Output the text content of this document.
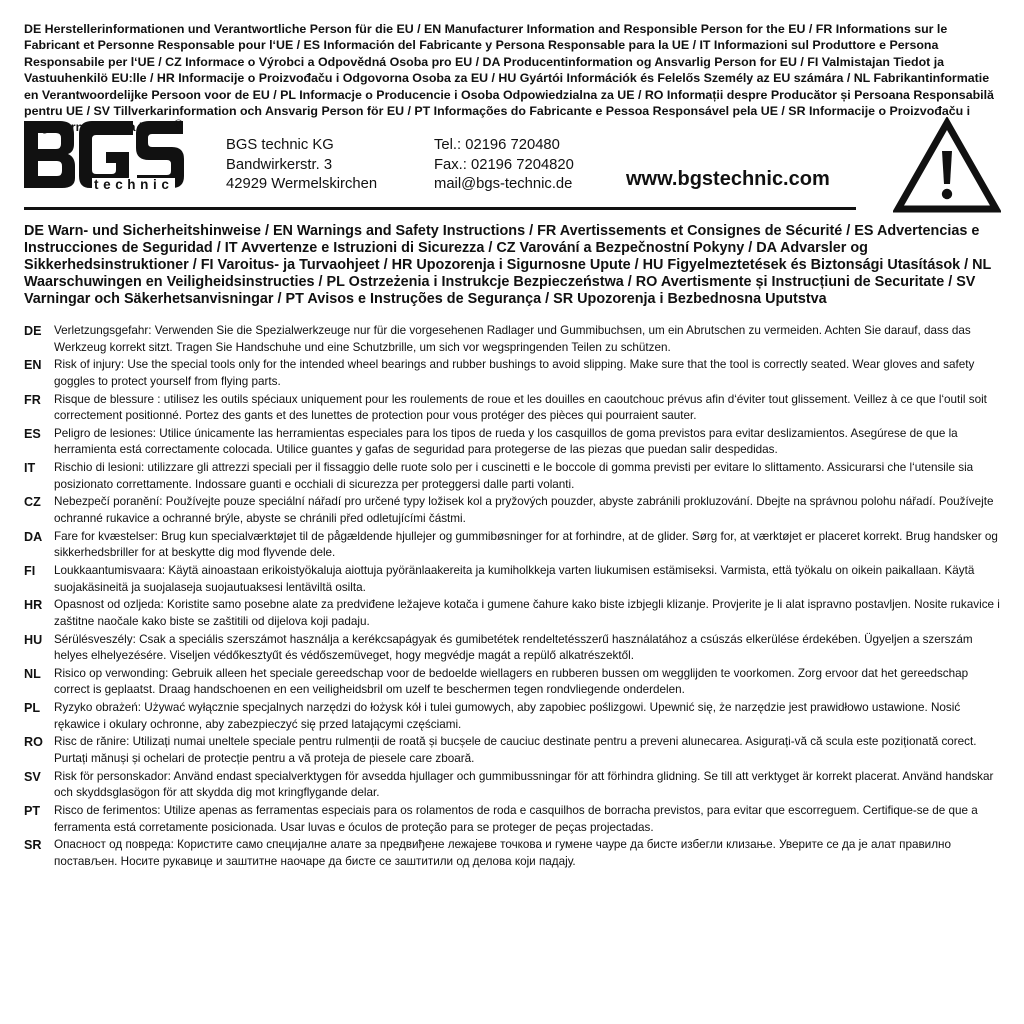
DE Herstellerinformationen und Verantwortliche Person für die EU / EN Manufacturer Information and Responsible Person for the EU / FR Informations sur le Fabricant et Personne Responsable pour l‘UE / ES Información del Fabricante y Persona Responsable para la UE / IT Informazioni sul Produttore e Persona Responsabile per l‘UE / CZ Informace o Výrobci a Odpovědná Osoba pro EU / DA Producentinformation og Ansvarlig Person for EU / FI Valmistajan Tiedot ja Vastuuhenkilö EU:lle / HR Informacije o Proizvođaču i Odgovorna Osoba za EU / HU Gyártói Információk és Felelős Személy az EU számára / NL Fabrikantinformatie en Verantwoordelijke Persoon voor de EU / PL Informacje o Producencie i Osoba Odpowiedzialna za UE / RO Informații despre Producător și Persoana Responsabilă pentru UE / SV Tillverkarinformation och Ansvarig Person för EU / PT Informações do Fabricante e Pessoa Responsável pela UE / SR Informacije o Proizvođaču i
®
technic
BGS technic KG
Bandwirkerstr. 3
42929 Wermelskirchen
Tel.: 02196 720480
Fax.: 02196 7204820
mail@bgs-technic.de	www.bgstechnic.com
DE Warn- und Sicherheitshinweise / EN Warnings and Safety Instructions / FR Avertissements et Consignes de Sécurité / ES Advertencias e Instrucciones de Seguridad / IT Avvertenze e Istruzioni di Sicurezza / CZ Varování a Bezpečnostní Pokyny / DA Advarsler og Sikkerhedsinstruktioner / FI Varoitus- ja Turvaohjeet / HR Upozorenja i Sigurnosne Upute / HU Figyelmeztetések és Biztonsági Utasítások / NL Waarschuwingen en Veiligheidsinstructies / PL Ostrzeżenia i Instrukcje Bezpieczeństwa / RO Avertismente și Instrucțiuni de Securitate / SV Varningar och Säkerhetsanvisningar / PT Avisos e Instruções de Segurança / SR Upozorenja i Bezbednosna Uputstva
DE	Verletzungsgefahr: Verwenden Sie die Spezialwerkzeuge nur für die vorgesehenen Radlager und Gummibuchsen, um ein Abrutschen zu vermeiden. Achten Sie darauf, dass das Werkzeug korrekt sitzt. Tragen Sie Handschuhe und eine Schutzbrille, um sich vor wegspringenden Teilen zu schützen.
EN	Risk of injury: Use the special tools only for the intended wheel bearings and rubber bushings to avoid slipping. Make sure that the tool is correctly seated. Wear gloves and safety goggles to protect yourself from flying parts.
FR	Risque de blessure : utilisez les outils spéciaux uniquement pour les roulements de roue et les douilles en caoutchouc prévus afin d‘éviter tout glissement. Veillez à ce que l‘outil soit correctement positionné. Portez des gants et des lunettes de protection pour vous protéger des pièces qui pourraient sauter.
ES	Peligro de lesiones: Utilice únicamente las herramientas especiales para los tipos de rueda y los casquillos de goma previstos para evitar deslizamientos. Asegúrese de que la herramienta está correctamente colocada. Utilice guantes y gafas de seguridad para protegerse de las piezas que puedan salir despedidas.
IT	Rischio di lesioni: utilizzare gli attrezzi speciali per il fissaggio delle ruote solo per i cuscinetti e le boccole di gomma previsti per evitare lo slittamento. Assicurarsi che l‘utensile sia posizionato correttamente. Indossare guanti e occhiali di sicurezza per proteggersi dalle parti volanti.
CZ	Nebezpečí poranění: Používejte pouze speciální nářadí pro určené typy ložisek kol a pryžových pouzder, abyste zabránili prokluzování. Dbejte na správnou polohu nářadí. Používejte ochranné rukavice a ochranné brýle, abyste se chránili před odletujícími částmi.
DA	Fare for kvæstelser: Brug kun specialværktøjet til de pågældende hjullejer og gummibøsninger for at forhindre, at de glider. Sørg for, at værktøjet er placeret korrekt. Brug handsker og sikkerhedsbriller for at beskytte dig mod flyvende dele.
FI	Loukkaantumisvaara: Käytä ainoastaan erikoistyökaluja aiottuja pyöränlaakereita ja kumiholkkeja varten liukumisen estämiseksi. Varmista, että työkalu on oikein paikallaan. Käytä suojakäsineitä ja suojalaseja suojautuaksesi lentäviltä osilta.
HR	Opasnost od ozljeda: Koristite samo posebne alate za predviđene ležajeve kotača i gumene čahure kako biste izbjegli klizanje. Provjerite je li alat ispravno postavljen. Nosite rukavice i zaštitne naočale kako biste se zaštitili od dijelova koji padaju.
HU	Sérülésveszély: Csak a speciális szerszámot használja a kerékcsapágyak és gumibetétek rendeltetésszerű használatához a csúszás elkerülése érdekében. Ügyeljen a szerszám helyes elhelyezésére. Viseljen védőkesztyűt és védőszemüveget, hogy megvédje magát a repülő alkatrészektől.
NL	Risico op verwonding: Gebruik alleen het speciale gereedschap voor de bedoelde wiellagers en rubberen bussen om wegglijden te voorkomen. Zorg ervoor dat het gereedschap correct is geplaatst. Draag handschoenen en een veiligheidsbril om uzelf te beschermen tegen rondvliegende onderdelen.
PL	Ryzyko obrażeń: Używać wyłącznie specjalnych narzędzi do łożysk kół i tulei gumowych, aby zapobiec poślizgowi. Upewnić się, że narzędzie jest prawidłowo ustawione. Nosić rękawice i okulary ochronne, aby zabezpieczyć się przed latającymi częściami.
RO Risc de rănire: Utilizați numai uneltele speciale pentru rulmenții de roată și bucșele de cauciuc destinate pentru a preveni alunecarea. Asigurați-vă că scula este poziționată corect. Purtați mănuși și ochelari de protecție pentru a vă proteja de piesele care zboară.
SV	Risk för personskador: Använd endast specialverktygen för avsedda hjullager och gummibussningar för att förhindra glidning. Se till att verktyget är korrekt placerat. Använd handskar och skyddsglasögon för att skydda dig mot kringflygande delar.
PT	Risco de ferimentos: Utilize apenas as ferramentas especiais para os rolamentos de roda e casquilhos de borracha previstos, para evitar que escorreguem. Certifique-se de que a ferramenta está corretamente posicionada. Usar luvas e óculos de proteção para se proteger de peças projectadas.
SR	Опасност од повреда: Користите само специјалне алате за предвиђене лежајеве точкова и гумене чауре да бисте избегли клизање. Уверите се да је алат правилно постављен. Носите рукавице и заштитне наочаре да бисте се заштитили од делова који падају.
